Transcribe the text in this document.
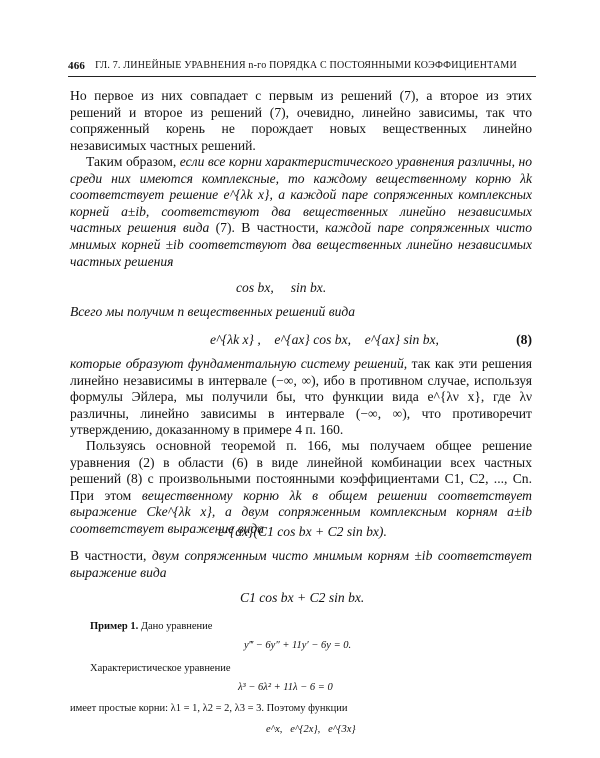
466 ГЛ. 7. ЛИНЕЙНЫЕ УРАВНЕНИЯ n-го ПОРЯДКА С ПОСТОЯННЫМИ КОЭФФИЦИЕНТАМИ

Но первое из них совпадает с первым из решений (7), а второе из этих решений и второе из решений (7), очевидно, линейно зависимы, так что сопряженный корень не порождает новых вещественных линейно независимых частных решений.

Таким образом, если все корни характеристического уравнения различны, но среди них имеются комплексные, то каждому вещественному корню λk соответствует решение e^{λk x}, а каждой паре сопряженных комплексных корней a±ib, соответствуют два вещественных линейно независимых частных решения вида (7). В частности, каждой паре сопряженных чисто мнимых корней ±ib соответствуют два вещественных линейно независимых частных решения

cos bx,     sin bx.

Всего мы получим n вещественных решений вида

e^{λk x} ,    e^{ax} cos bx,    e^{ax} sin bx,	(8)

которые образуют фундаментальную систему решений, так как эти решения линейно независимы в интервале (−∞, ∞), ибо в противном случае, используя формулы Эйлера, мы получили бы, что функции вида e^{λν x}, где λν различны, линейно зависимы в интервале (−∞, ∞), что противоречит утверждению, доказанному в примере 4 п. 160.

Пользуясь основной теоремой п. 166, мы получаем общее решение уравнения (2) в области (6) в виде линейной комбинации всех частных решений (8) с произвольными постоянными коэффициентами C1, C2, ..., Cn. При этом вещественному корню λk в общем решении соответствует выражение Ckе^{λk x}, а двум сопряженным комплексным корням a±ib соответствует выражение вида

e^{ax}(C1 cos bx + C2 sin bx).

В частности, двум сопряженным чисто мнимым корням ±ib соответствует выражение вида

C1 cos bx + C2 sin bx.

Пример 1. Дано уравнение

y‴ − 6y″ + 11y′ − 6y = 0.

Характеристическое уравнение

λ³ − 6λ² + 11λ − 6 = 0

имеет простые корни: λ1 = 1, λ2 = 2, λ3 = 3. Поэтому функции

e^x,   e^{2x},   e^{3x}
